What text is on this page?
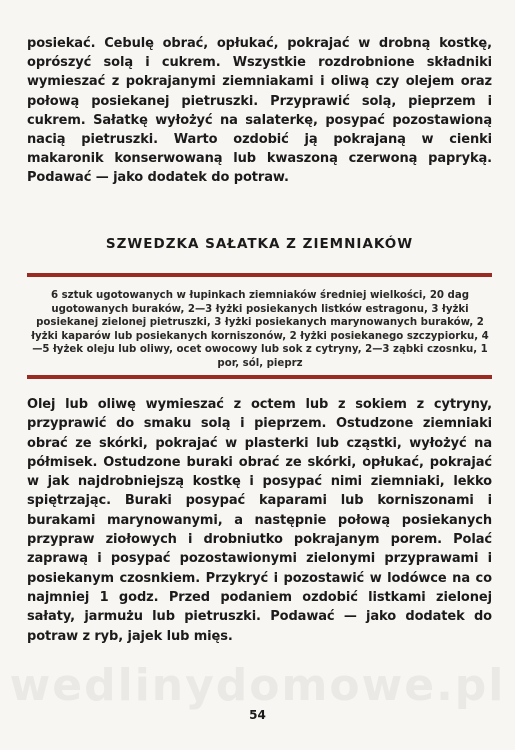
posiekać. Cebulę obrać, opłukać, pokrajać w drobną kostkę, oprószyć solą i cukrem. Wszystkie rozdrobnione składniki wymieszać z pokrajanymi ziemniakami i oliwą czy olejem oraz połową posiekanej pietruszki. Przyprawić solą, pieprzem i cukrem. Sałatkę wyłożyć na salaterkę, posypać pozostawioną nacią pietruszki. Warto ozdobić ją pokrajaną w cienki makaronik konserwowaną lub kwaszoną czerwoną papryką. Podawać — jako dodatek do potraw.

SZWEDZKA SAŁATKA Z ZIEMNIAKÓW

6 sztuk ugotowanych w łupinkach ziemniaków średniej wielkości, 20 dag ugotowanych buraków, 2—3 łyżki posiekanych listków estragonu, 3 łyżki posiekanej zielonej pietruszki, 3 łyżki posiekanych marynowanych buraków, 2 łyżki kaparów lub posiekanych korniszonów, 2 łyżki posiekanego szczypiorku, 4—5 łyżek oleju lub oliwy, ocet owocowy lub sok z cytryny, 2—3 ząbki czosnku, 1 por, sól, pieprz

Olej lub oliwę wymieszać z octem lub z sokiem z cytryny, przyprawić do smaku solą i pieprzem. Ostudzone ziemniaki obrać ze skórki, pokrajać w plasterki lub cząstki, wyłożyć na półmisek. Ostudzone buraki obrać ze skórki, opłukać, pokrajać w jak najdrobniejszą kostkę i posypać nimi ziemniaki, lekko spiętrzając. Buraki posypać kaparami lub korniszonami i burakami marynowanymi, a następnie połową posiekanych przypraw ziołowych i drobniutko pokrajanym porem. Polać zaprawą i posypać pozostawionymi zielonymi przyprawami i posiekanym czosnkiem. Przykryć i pozostawić w lodówce na co najmniej 1 godz. Przed podaniem ozdobić listkami zielonej sałaty, jarmużu lub pietruszki. Podawać — jako dodatek do potraw z ryb, jajek lub mięs.

wedlinydomowe.pl
54
